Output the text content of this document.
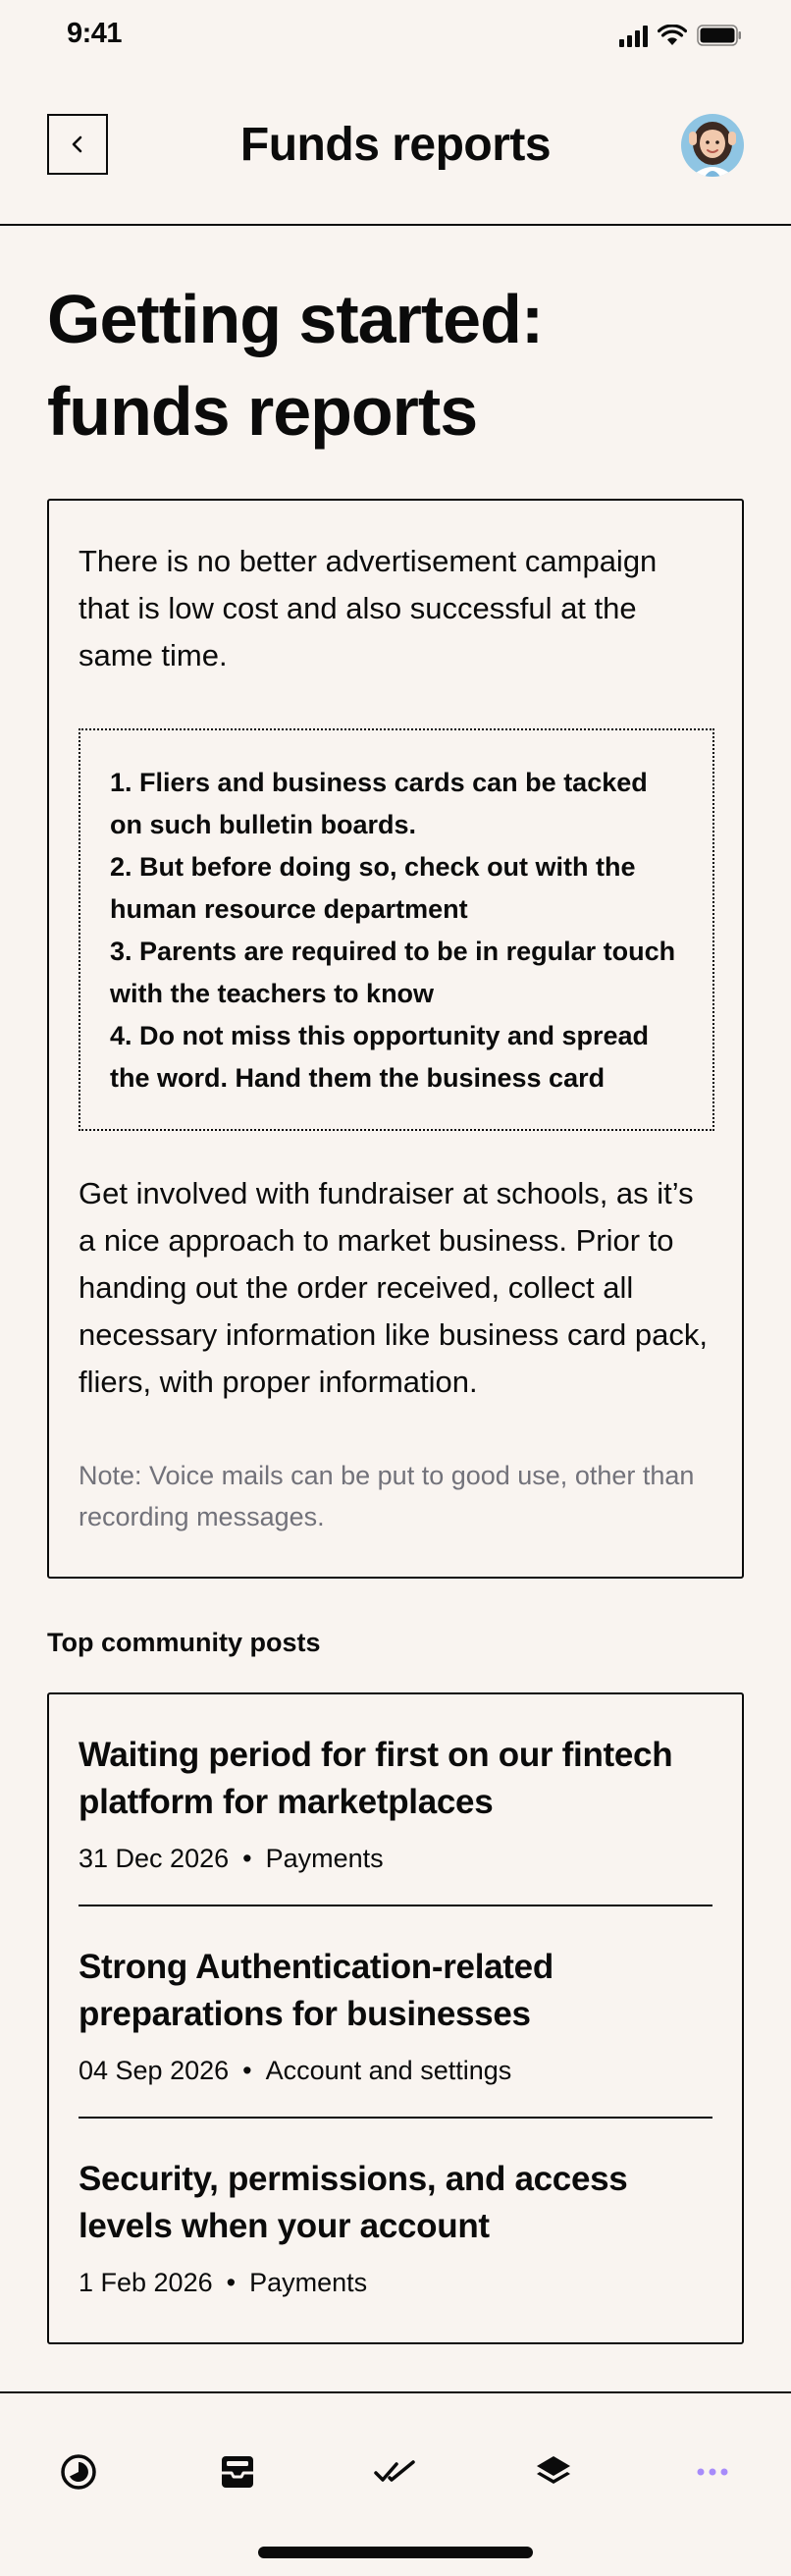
9:41
Funds reports
Getting started:
funds reports

There is no better advertisement campaign that is low cost and also successful at the same time.

1. Fliers and business cards can be tacked on such bulletin boards.
2. But before doing so, check out with the human resource department
3. Parents are required to be in regular touch with the teachers to know
4. Do not miss this opportunity and spread the word. Hand them the business card

Get involved with fundraiser at schools, as it’s a nice approach to market business. Prior to handing out the order received, collect all necessary information like business card pack, fliers, with proper information.

Note: Voice mails can be put to good use, other than recording messages.

Top community posts
Waiting period for first on our fintech platform for marketplaces
31 Dec 2026 • Payments
Strong Authentication-related preparations for businesses
04 Sep 2026 • Account and settings
Security, permissions, and access levels when your account
1 Feb 2026 • Payments
